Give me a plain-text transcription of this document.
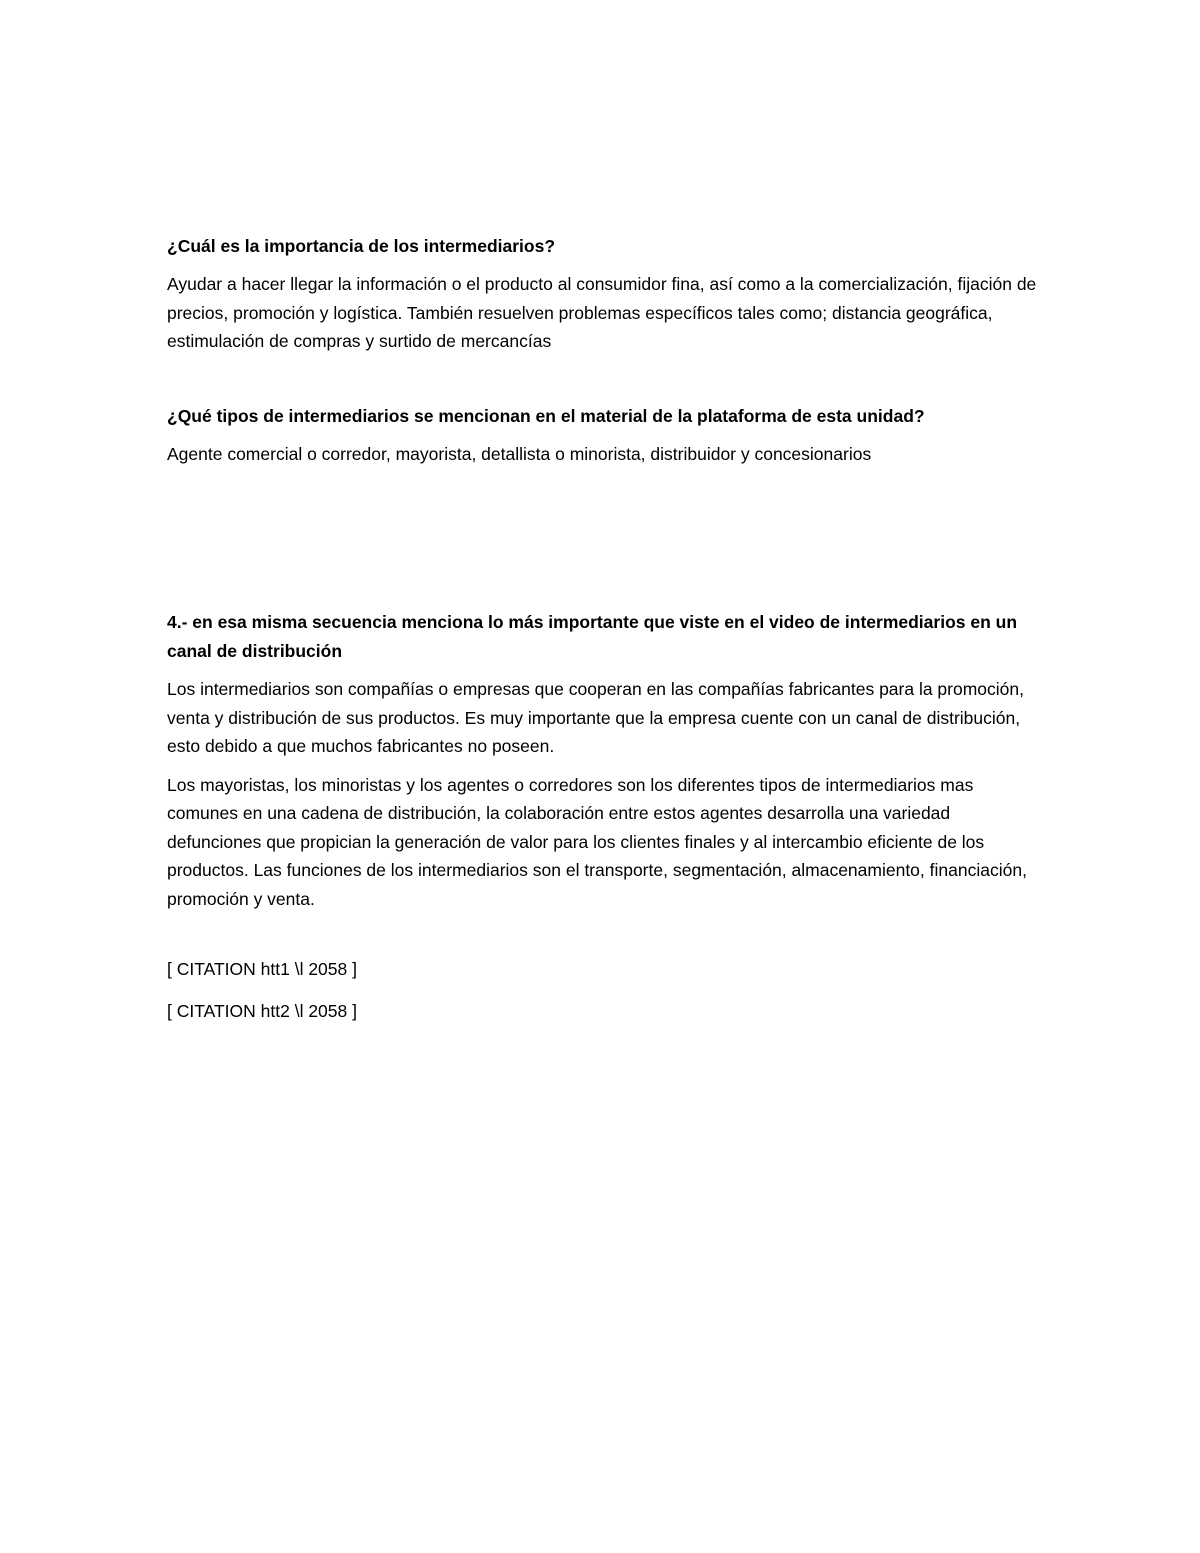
¿Cuál es la importancia de los intermediarios?
Ayudar a hacer llegar la información o el producto al consumidor fina, así como a la comercialización, fijación de precios, promoción y logística. También resuelven problemas específicos tales como; distancia geográfica, estimulación de compras y surtido de mercancías
¿Qué tipos de intermediarios se mencionan en el material de la plataforma de esta unidad?
Agente comercial o corredor, mayorista, detallista o minorista, distribuidor y concesionarios
4.- en esa misma secuencia menciona lo más importante que viste en el video de intermediarios en un canal de distribución
Los intermediarios son compañías o empresas que cooperan en las compañías fabricantes para la promoción, venta y distribución de sus productos. Es muy importante que la empresa cuente con un canal de distribución, esto debido a que muchos fabricantes no poseen.
Los mayoristas, los minoristas y los agentes o corredores son los diferentes tipos de intermediarios mas comunes en una cadena de distribución, la colaboración entre estos agentes desarrolla una variedad defunciones que propician la generación de valor para los clientes finales y al intercambio eficiente de los productos. Las funciones de los intermediarios son el transporte, segmentación, almacenamiento, financiación, promoción y venta.
[ CITATION htt1 \l 2058 ]
[ CITATION htt2 \l 2058 ]
